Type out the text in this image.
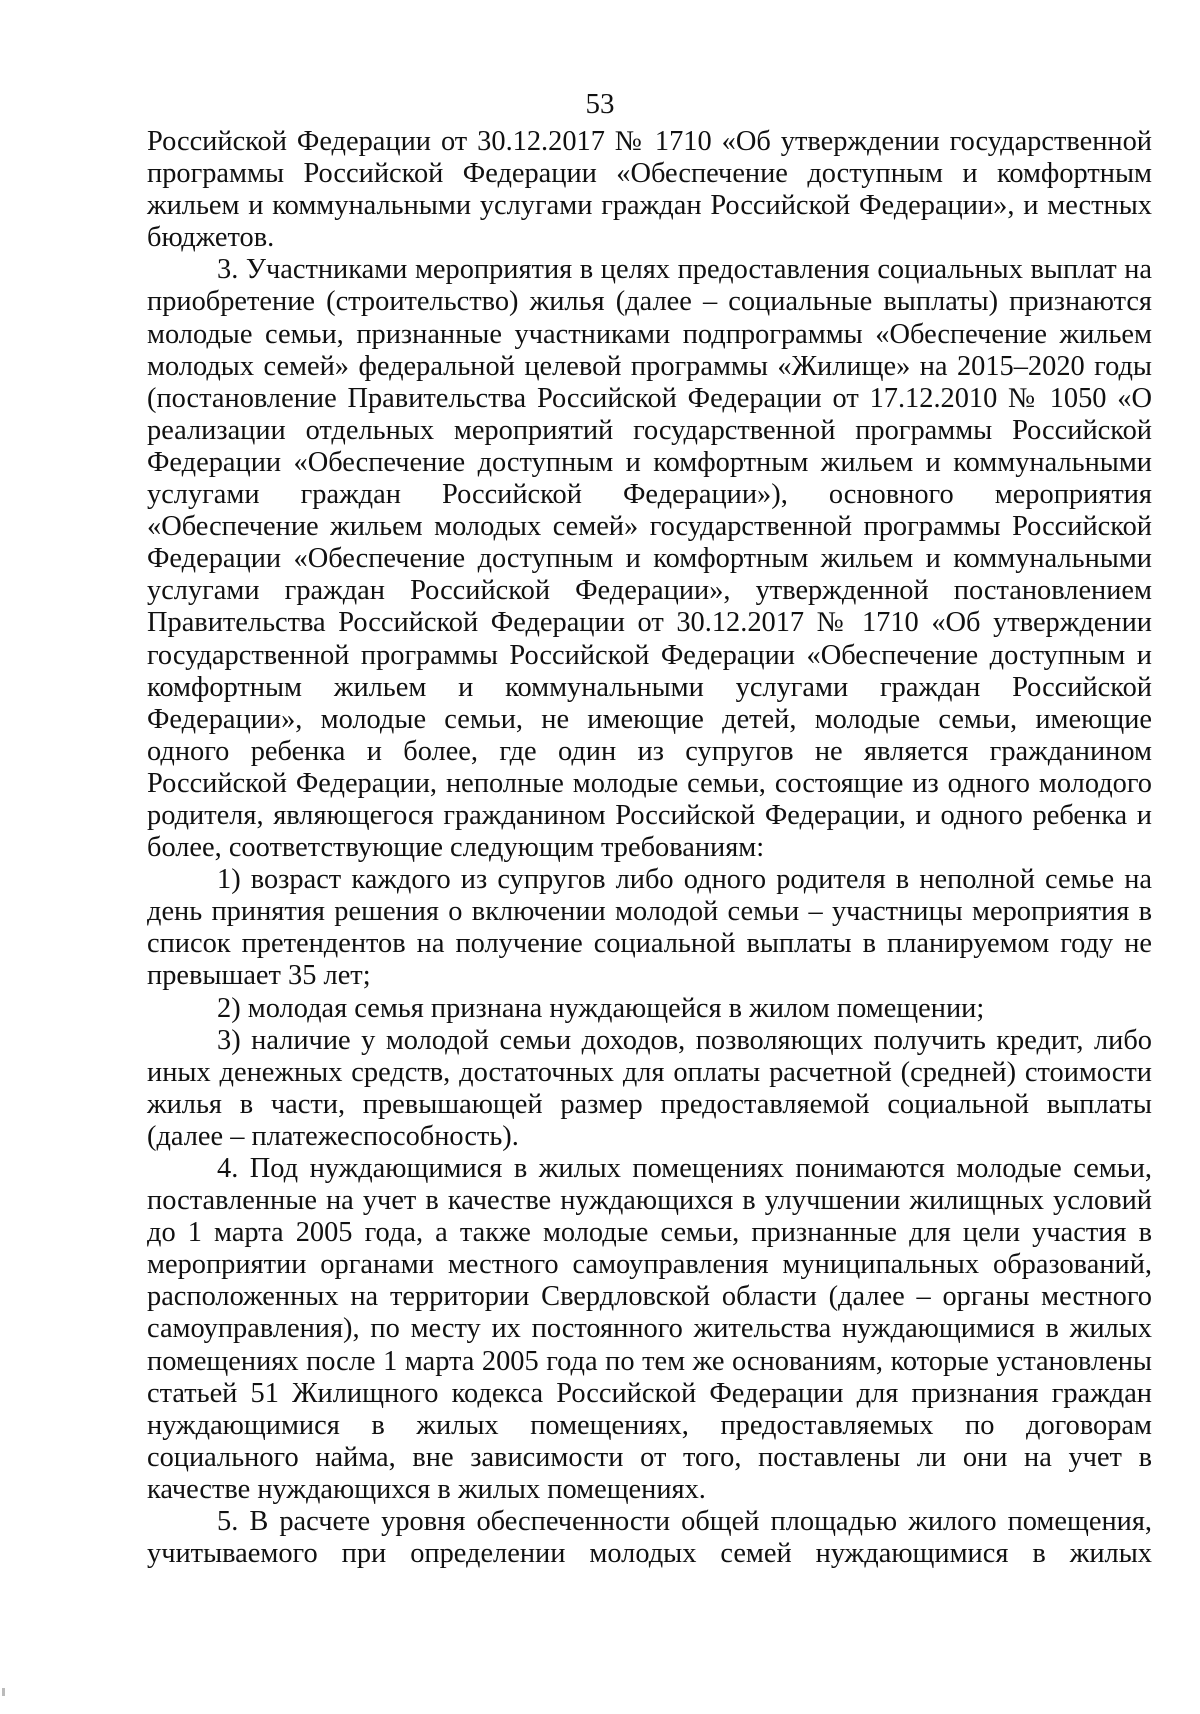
53

Российской Федерации от 30.12.2017 № 1710 «Об утверждении государственной программы Российской Федерации «Обеспечение доступным и комфортным жильем и коммунальными услугами граждан Российской Федерации», и местных бюджетов.

3. Участниками мероприятия в целях предоставления социальных выплат на приобретение (строительство) жилья (далее – социальные выплаты) признаются молодые семьи, признанные участниками подпрограммы «Обеспечение жильем молодых семей» федеральной целевой программы «Жилище» на 2015–2020 годы (постановление Правительства Российской Федерации от 17.12.2010 № 1050 «О реализации отдельных мероприятий государственной программы Российской Федерации «Обеспечение доступным и комфортным жильем и коммунальными услугами граждан Российской Федерации»), основного мероприятия «Обеспечение жильем молодых семей» государственной программы Российской Федерации «Обеспечение доступным и комфортным жильем и коммунальными услугами граждан Российской Федерации», утвержденной постановлением Правительства Российской Федерации от 30.12.2017 № 1710 «Об утверждении государственной программы Российской Федерации «Обеспечение доступным и комфортным жильем и коммунальными услугами граждан Российской Федерации», молодые семьи, не имеющие детей, молодые семьи, имеющие одного ребенка и более, где один из супругов не является гражданином Российской Федерации, неполные молодые семьи, состоящие из одного молодого родителя, являющегося гражданином Российской Федерации, и одного ребенка и более, соответствующие следующим требованиям:

1) возраст каждого из супругов либо одного родителя в неполной семье на день принятия решения о включении молодой семьи – участницы мероприятия в список претендентов на получение социальной выплаты в планируемом году не превышает 35 лет;

2) молодая семья признана нуждающейся в жилом помещении;

3) наличие у молодой семьи доходов, позволяющих получить кредит, либо иных денежных средств, достаточных для оплаты расчетной (средней) стоимости жилья в части, превышающей размер предоставляемой социальной выплаты (далее – платежеспособность).

4. Под нуждающимися в жилых помещениях понимаются молодые семьи, поставленные на учет в качестве нуждающихся в улучшении жилищных условий до 1 марта 2005 года, а также молодые семьи, признанные для цели участия в мероприятии органами местного самоуправления муниципальных образований, расположенных на территории Свердловской области (далее – органы местного самоуправления), по месту их постоянного жительства нуждающимися в жилых помещениях после 1 марта 2005 года по тем же основаниям, которые установлены статьей 51 Жилищного кодекса Российской Федерации для признания граждан нуждающимися в жилых помещениях, предоставляемых по договорам социального найма, вне зависимости от того, поставлены ли они на учет в качестве нуждающихся в жилых помещениях.

5. В расчете уровня обеспеченности общей площадью жилого помещения, учитываемого при определении молодых семей нуждающимися в жилых
